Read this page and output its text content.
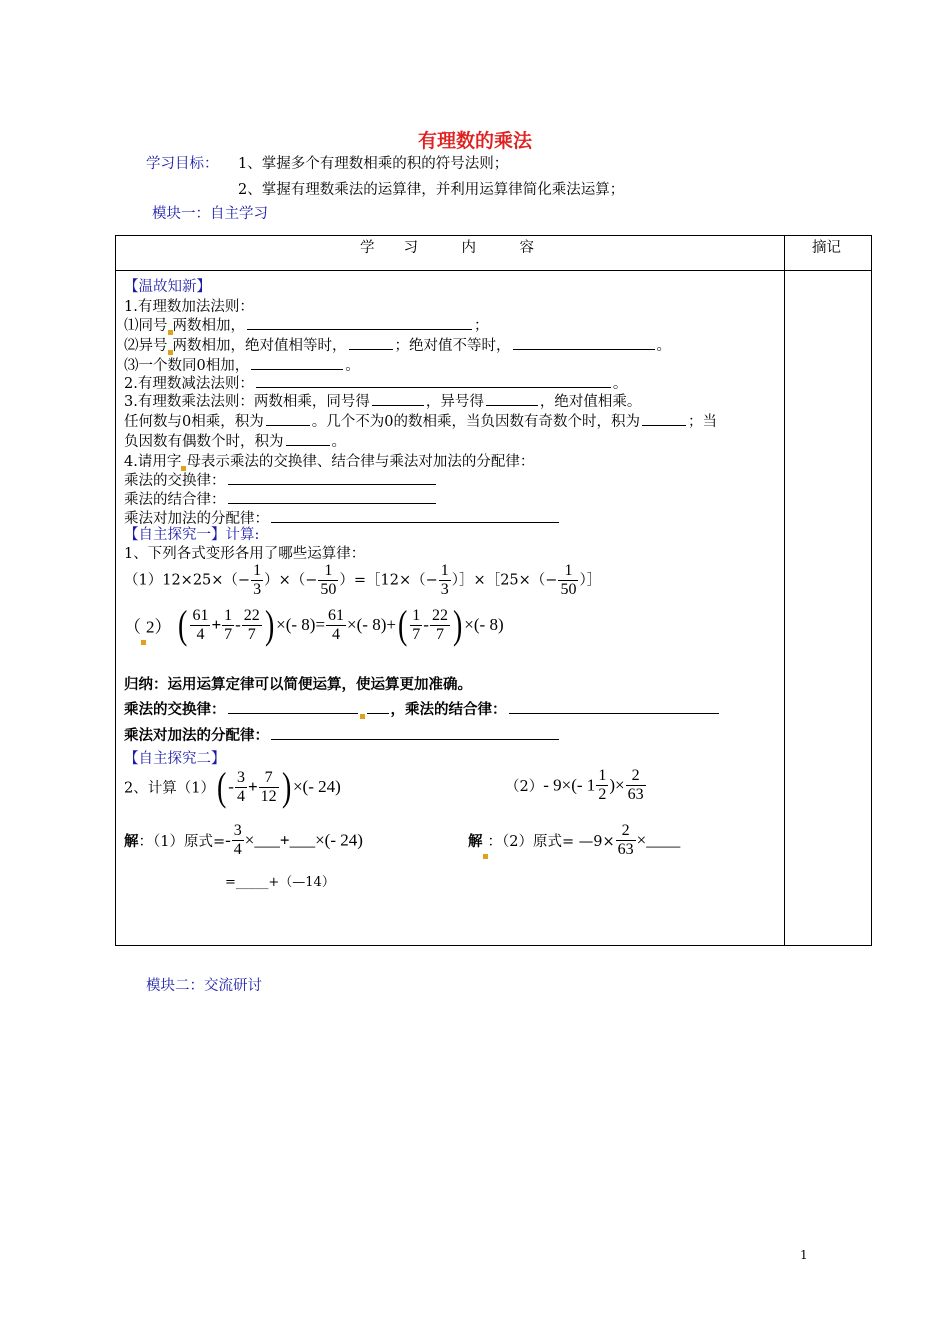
有理数的乘法
学习目标： 1、掌握多个有理数相乘的积的符号法则；
2、掌握有理数乘法的运算律，并利用运算律简化乘法运算；
模块一：自主学习
学　　习　　　内　　　容	摘记
【温故知新】
1.有理数加法法则：
⑴同号 两数相加，	；
⑵异号 两数相加，绝对值相等时，	；绝对值不等时，	。
⑶一个数同0相加，	。
2.有理数减法法则：	。
3.有理数乘法法则：两数相乘，同号得	，异号得	，绝对值相乘。
任何数与0相乘，积为	。几个不为0的数相乘，当负因数有奇数个时，积为	；当
负因数有偶数个时，积为	。
4.请用字 母表示乘法的交换律、结合律与乘法对加法的分配律：
乘法的交换律：
乘法的结合律：
乘法对加法的分配律：
【自主探究一】计算:
1、下列各式变形各用了哪些运算律：
$(1)12\times 25\times(- \frac{1}{3}$ ）×（− $\frac{1}{50}$ ）=［12×（− $\frac{1}{3}$ ）］×［25×（− $\frac{1}{50}$ ）］
（ 2） ( $\frac{61}{4} + \frac{1}{7} - \frac{22}{7}$ ) ×(- $8)= \frac{61}{4}$ ×(- $8)+( \frac{1}{7} - \frac{22}{7}$ ) ×(- 8)
归纳：运用运算定律可以简便运算，使运算更加准确。
乘法的交换律：	，乘法的结合律：
乘法对加法的分配律：
【自主探究二】
2、计算$(1)( - \frac{3}{4} + \frac{7}{12}$ ) ×(- 24)	（2）- 9×(- $1 \frac{1}{2}$ )× $\frac{2}{63}$
解：（1）原式=- $\frac{3}{4}$ ×___+___×(- 24)	解 ：（2）原式= —9× $\frac{2}{63}$ ×____
=_____+（—14）
模块二：交流研讨
1
